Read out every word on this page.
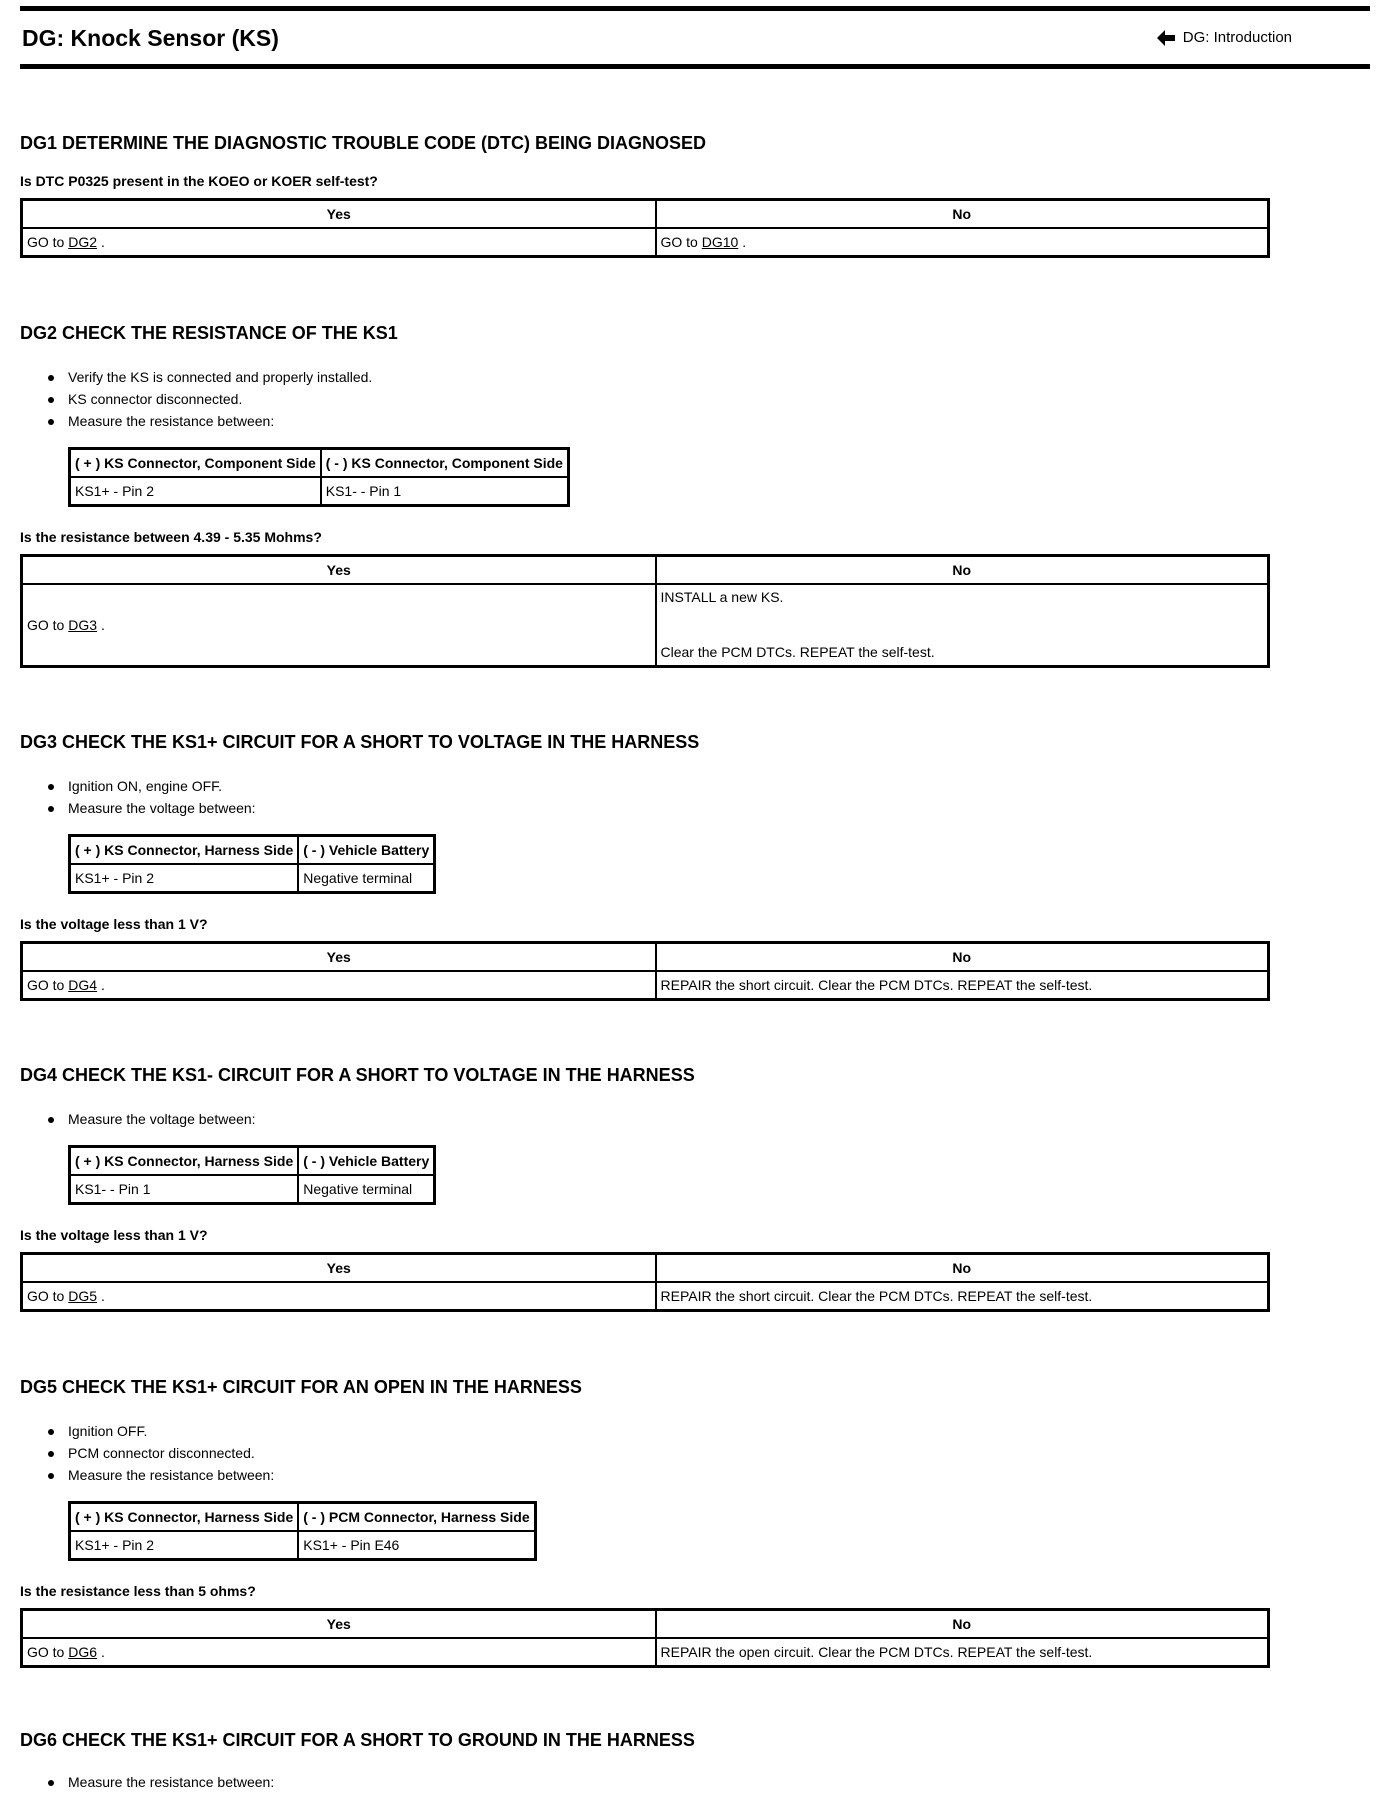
DG: Knock Sensor (KS)	DG: Introduction
DG1 DETERMINE THE DIAGNOSTIC TROUBLE CODE (DTC) BEING DIAGNOSED

Is DTC P0325 present in the KOEO or KOER self-test?

Yes	No
GO to DG2 .	GO to DG10 .
DG2 CHECK THE RESISTANCE OF THE KS1
Verify the KS is connected and properly installed.
KS connector disconnected.
Measure the resistance between:
( + ) KS Connector, Component Side	( - ) KS Connector, Component Side
KS1+ - Pin 2	KS1- - Pin 1

Is the resistance between 4.39 - 5.35 Mohms?

Yes	No
GO to DG3 .	INSTALL a new KS.
Clear the PCM DTCs. REPEAT the self-test.
DG3 CHECK THE KS1+ CIRCUIT FOR A SHORT TO VOLTAGE IN THE HARNESS
Ignition ON, engine OFF.
Measure the voltage between:
( + ) KS Connector, Harness Side	( - ) Vehicle Battery
KS1+ - Pin 2	Negative terminal

Is the voltage less than 1 V?

Yes	No
GO to DG4 .	REPAIR the short circuit. Clear the PCM DTCs. REPEAT the self-test.
DG4 CHECK THE KS1- CIRCUIT FOR A SHORT TO VOLTAGE IN THE HARNESS
Measure the voltage between:
( + ) KS Connector, Harness Side	( - ) Vehicle Battery
KS1- - Pin 1	Negative terminal

Is the voltage less than 1 V?

Yes	No
GO to DG5 .	REPAIR the short circuit. Clear the PCM DTCs. REPEAT the self-test.
DG5 CHECK THE KS1+ CIRCUIT FOR AN OPEN IN THE HARNESS
Ignition OFF.
PCM connector disconnected.
Measure the resistance between:
( + ) KS Connector, Harness Side	( - ) PCM Connector, Harness Side
KS1+ - Pin 2	KS1+ - Pin E46

Is the resistance less than 5 ohms?

Yes	No
GO to DG6 .	REPAIR the open circuit. Clear the PCM DTCs. REPEAT the self-test.
DG6 CHECK THE KS1+ CIRCUIT FOR A SHORT TO GROUND IN THE HARNESS
Measure the resistance between:
